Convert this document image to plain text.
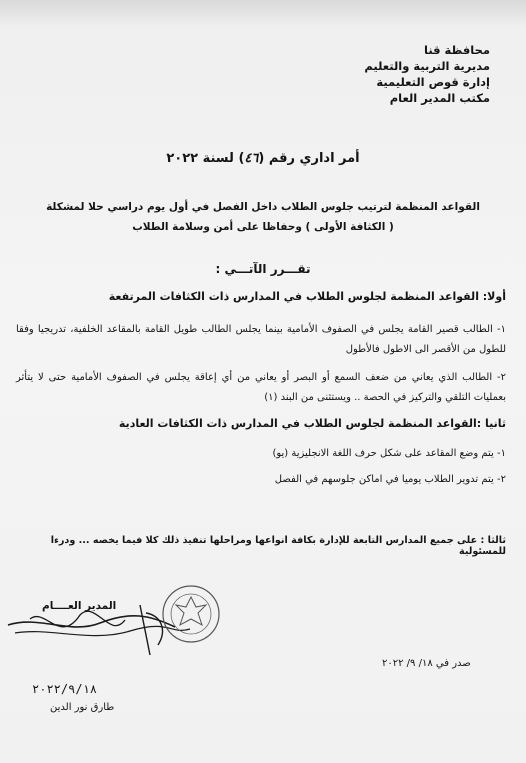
محافظة قنا
مديرية التربية والتعليم
إدارة قوص التعليمية
مكتب المدير العام
أمر اداري رقم (٤٦) لسنة ٢٠٢٢
القواعد المنظمة لترتيب جلوس الطلاب داخل الفصل في أول يوم دراسي حلا لمشكلة
( الكثافة الأولى ) وحفاظا على أمن وسلامة الطلاب
تقـــرر الآتـــي :
أولا: القواعد المنظمة لجلوس الطلاب في المدارس ذات الكثافات المرتفعة
١- الطالب قصير القامة يجلس في الصفوف الأمامية بينما يجلس الطالب طويل القامة بالمقاعد الخلفية، تدريجيا وفقا للطول من الأقصر الى الاطول فالأطول
٢- الطالب الذي يعاني من ضعف السمع أو البصر أو يعاني من أي إعاقة يجلس في الصفوف الأمامية حتى لا يتأثر بعمليات التلقي والتركيز في الحصة .. ويستثنى من البند (١)
ثانيا :القواعد المنظمة لجلوس الطلاب في المدارس ذات الكثافات العادية
١- يتم وضع المقاعد على شكل حرف اللغة الانجليزية (يو)
٢- يتم تدوير الطلاب يوميا في اماكن جلوسهم في الفصل
ثالثا : على جميع المدارس التابعة للإدارة بكافة انواعها ومراحلها تنفيذ ذلك كلا فيما يخصه ... ودرءا للمسئولية
المدير العــــام
٢٠٢٢/٩/١٨
طارق نور الدين
صدر في ١٨/ ٩/ ٢٠٢٢
